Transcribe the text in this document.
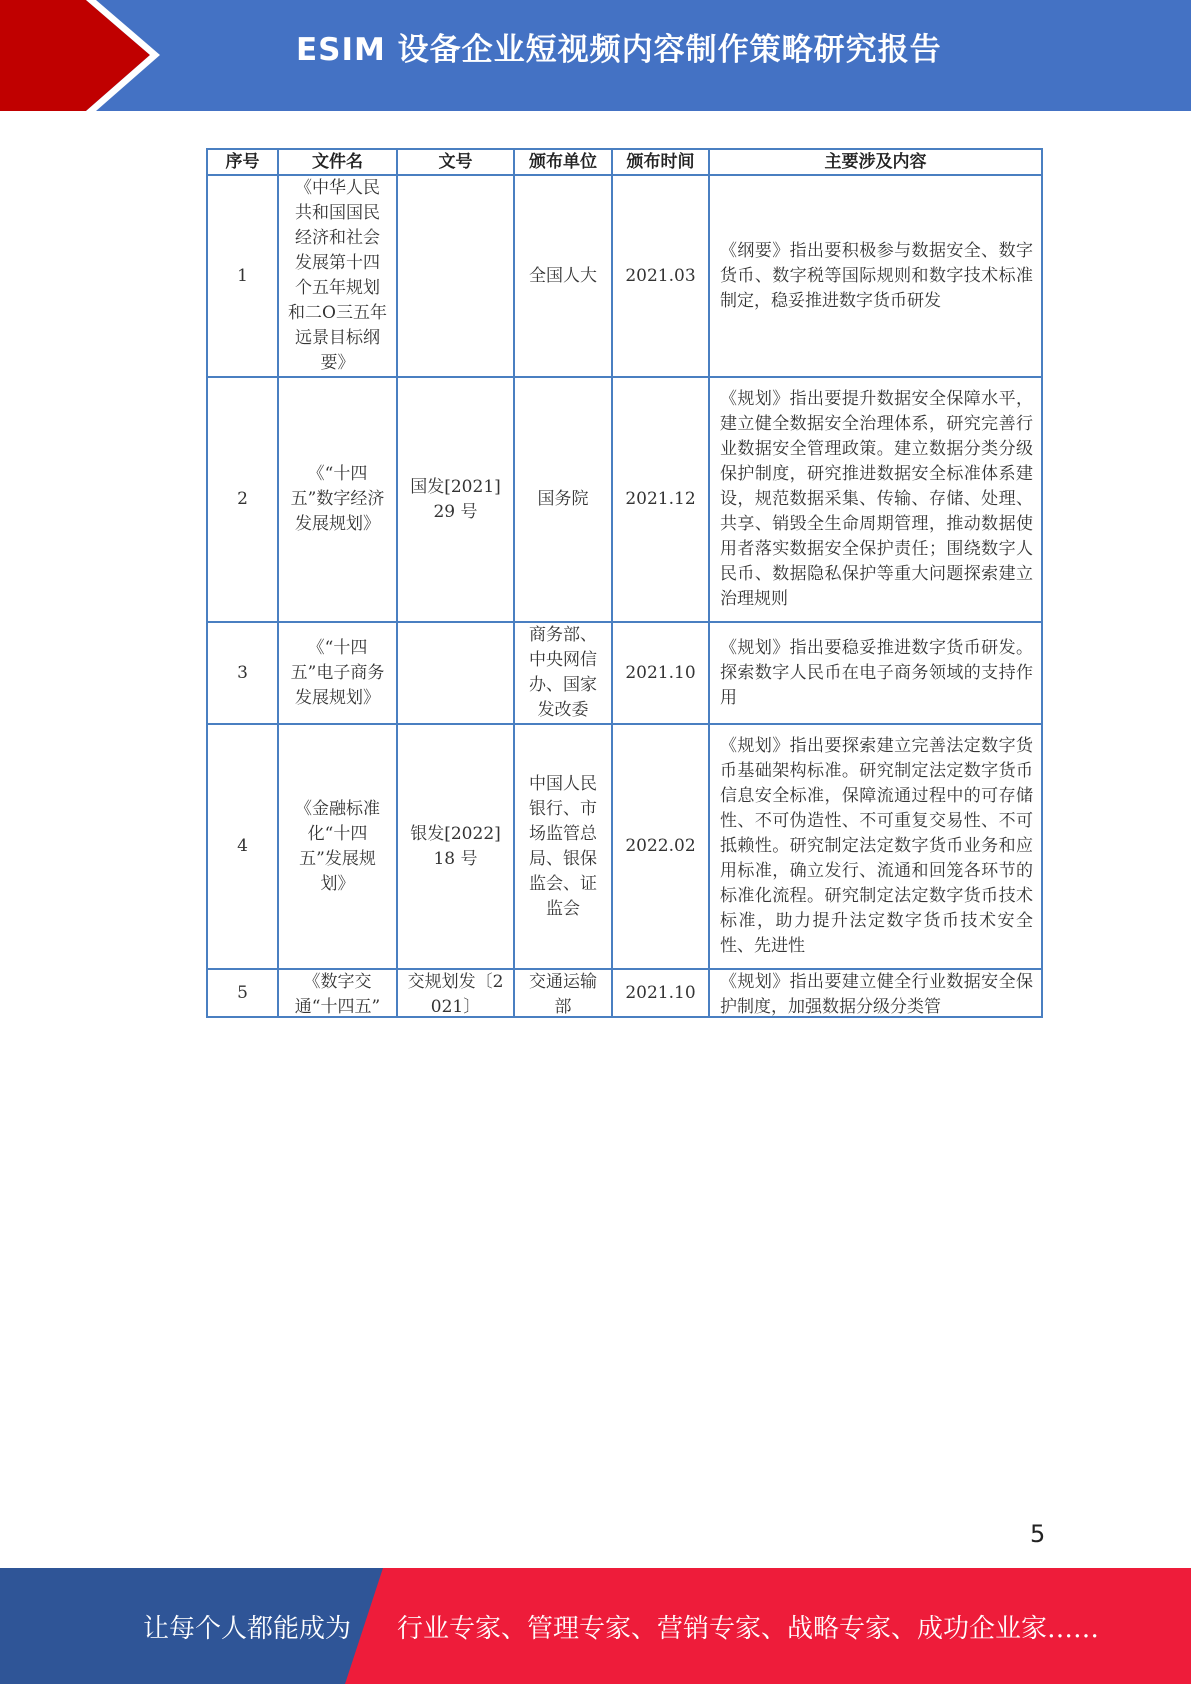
ESIM 设备企业短视频内容制作策略研究报告
序号	文件名	文号	颁布单位	颁布时间	主要涉及内容
1	《中华人民共和国国民经济和社会发展第十四个五年规划和二O三五年远景目标纲要》		全国人大	2021.03	《纲要》指出要积极参与数据安全、数字货币、数字税等国际规则和数字技术标准制定，稳妥推进数字货币研发
2	《“十四五”数字经济发展规划》	国发[2021]29 号	国务院	2021.12	《规划》指出要提升数据安全保障水平，建立健全数据安全治理体系，研究完善行业数据安全管理政策。建立数据分类分级保护制度，研究推进数据安全标准体系建设，规范数据采集、传输、存储、处理、共享、销毁全生命周期管理，推动数据使用者落实数据安全保护责任；围绕数字人民币、数据隐私保护等重大问题探索建立治理规则
3	《“十四五”电子商务发展规划》		商务部、中央网信办、国家发改委	2021.10	《规划》指出要稳妥推进数字货币研发。探索数字人民币在电子商务领域的支持作用
4	《金融标准化“十四五”发展规划》	银发[2022]18 号	中国人民银行、市场监管总局、银保监会、证监会	2022.02	《规划》指出要探索建立完善法定数字货币基础架构标准。研究制定法定数字货币信息安全标准，保障流通过程中的可存储性、不可伪造性、不可重复交易性、不可抵赖性。研究制定法定数字货币业务和应用标准，确立发行、流通和回笼各环节的标准化流程。研究制定法定数字货币技术标准，助力提升法定数字货币技术安全性、先进性
5	《数字交通“十四五”	交规划发〔2021〕	交通运输部	2021.10	《规划》指出要建立健全行业数据安全保护制度，加强数据分级分类管
5
让每个人都能成为 行业专家、管理专家、营销专家、战略专家、成功企业家……
